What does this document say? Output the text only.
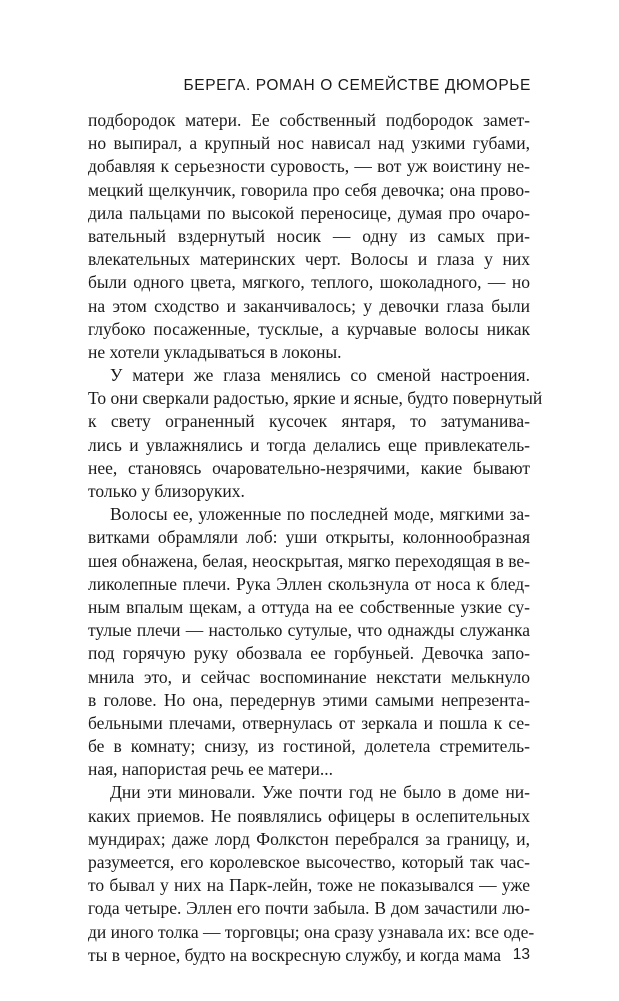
БЕРЕГА. РОМАН О СЕМЕЙСТВЕ ДЮМОРЬЕ
подбородок матери. Ее собственный подбородок замет-
но выпирал, а крупный нос нависал над узкими губами,
добавляя к серьезности суровость, — вот уж воистину не-
мецкий щелкунчик, говорила про себя девочка; она прово-
дила пальцами по высокой переносице, думая про очаро-
вательный вздернутый носик — одну из самых при-
влекательных материнских черт. Волосы и глаза у них
были одного цвета, мягкого, теплого, шоколадного, — но
на этом сходство и заканчивалось; у девочки глаза были
глубоко посаженные, тусклые, а курчавые волосы никак
не хотели укладываться в локоны.
У матери же глаза менялись со сменой настроения.
То они сверкали радостью, яркие и ясные, будто повернутый
к свету ограненный кусочек янтаря, то затуманива-
лись и увлажнялись и тогда делались еще привлекатель-
нее, становясь очаровательно-незрячими, какие бывают
только у близоруких.
Волосы ее, уложенные по последней моде, мягкими за-
витками обрамляли лоб: уши открыты, колоннообразная
шея обнажена, белая, неоскрытая, мягко переходящая в ве-
ликолепные плечи. Рука Эллен скользнула от носа к блед-
ным впалым щекам, а оттуда на ее собственные узкие су-
тулые плечи — настолько сутулые, что однажды служанка
под горячую руку обозвала ее горбуньей. Девочка запо-
мнила это, и сейчас воспоминание некстати мелькнуло
в голове. Но она, передернув этими самыми непрезента-
бельными плечами, отвернулась от зеркала и пошла к се-
бе в комнату; снизу, из гостиной, долетела стремитель-
ная, напористая речь ее матери...
Дни эти миновали. Уже почти год не было в доме ни-
каких приемов. Не появлялись офицеры в ослепительных
мундирах; даже лорд Фолкстон перебрался за границу, и,
разумеется, его королевское высочество, который так час-
то бывал у них на Парк-лейн, тоже не показывался — уже
года четыре. Эллен его почти забыла. В дом зачастили лю-
ди иного толка — торговцы; она сразу узнавала их: все оде-
ты в черное, будто на воскресную службу, и когда мама 13
